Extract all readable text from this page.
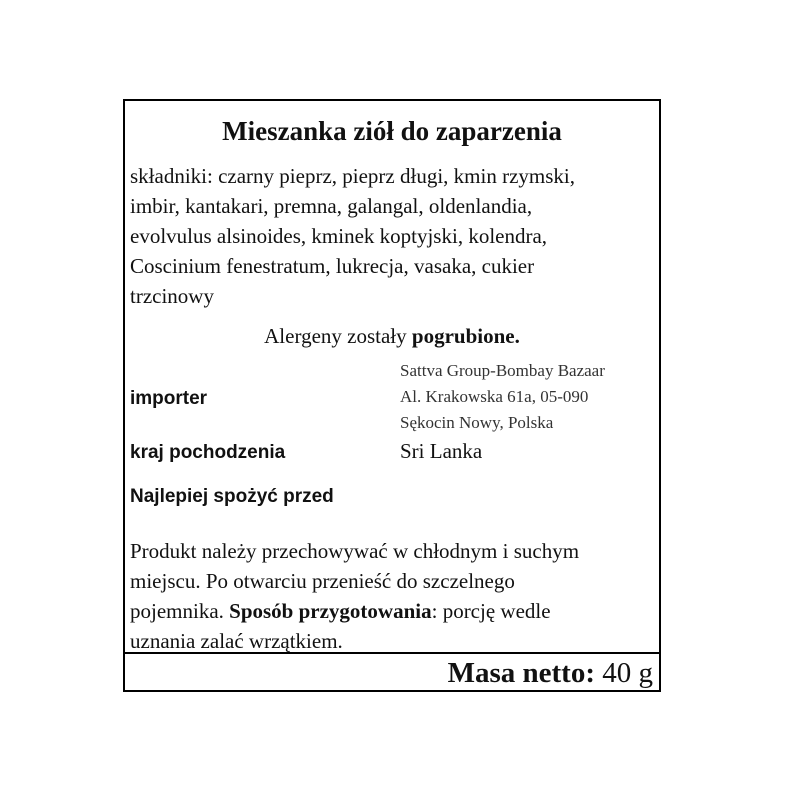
Mieszanka ziół do zaparzenia
składniki: czarny pieprz, pieprz długi, kmin rzymski,
imbir, kantakari, premna, galangal, oldenlandia,
evolvulus alsinoides, kminek koptyjski, kolendra,
Coscinium fenestratum, lukrecja, vasaka, cukier
trzcinowy
Alergeny zostały pogrubione.
importer
Sattva Group-Bombay Bazaar
Al. Krakowska 61a, 05-090
Sękocin Nowy, Polska
kraj pochodzenia	Sri Lanka
Najlepiej spożyć przed
Produkt należy przechowywać w chłodnym i suchym
miejscu. Po otwarciu przenieść do szczelnego
pojemnika. Sposób przygotowania: porcję wedle
uznania zalać wrzątkiem.
Masa netto: 40 g
